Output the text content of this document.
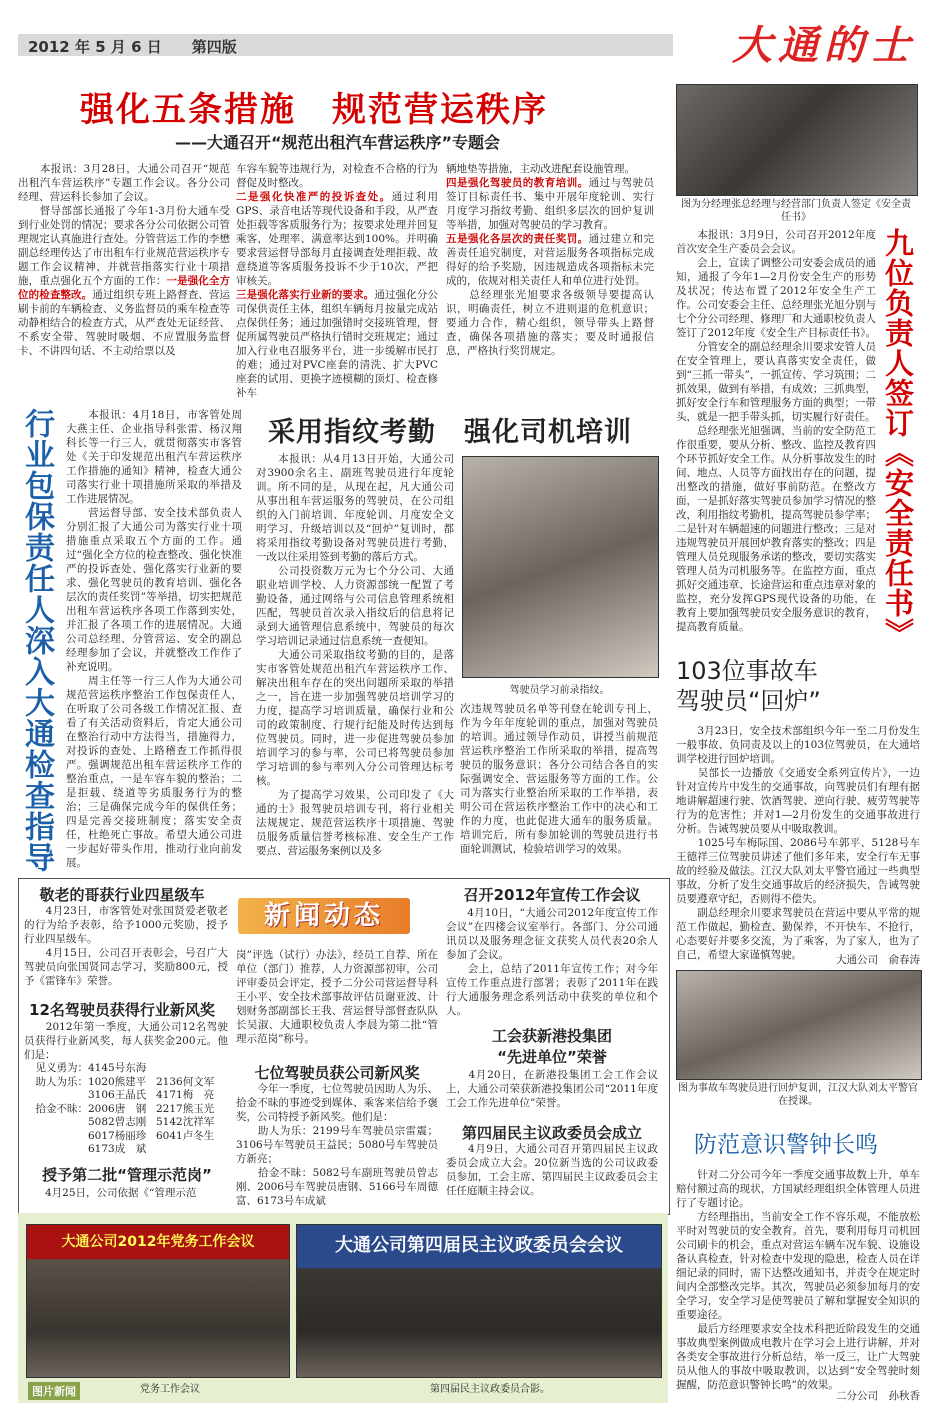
2012 年 5 月 6 日 第四版	大通的士
强化五条措施　规范营运秩序
——大通召开“规范出租汽车营运秩序”专题会

　　本报讯：3月28日，大通公司召开“规范出租汽车营运秩序”专题工作会议。各分公司经理、营运科长参加了会议。
　　督导部部长通报了今年1-3月份大通车受到行业处罚的情况；要求各分公司依据公司管理规定认真施进行查处。分管营运工作的李懋副总经理传达了市出租车行业规范营运秩序专题工作会议精神，并就营指落实行业十项措施，重点强化五个方面的工作：一是强化全方位的检查整改。通过组织专班上路督查、营运刷卡前的车辆检查、义务监督员的乘车检查等动静相结合的检查方式，从严查处无证经营、不系安全带、驾驶时吸烟、不应置服务监督卡、不讲四句话、不主动给票以及

车容车貌等违规行为，对检查不合格的行为督促及时整改。
二是强化快准严的投诉查处。通过利用GPS、录音电话等现代设备和手段，从严查处拒载等客质服务行为；按要求处理并回复乘客，处理率、满意率达到100%。并明确要求营运督导部每月直接调查处理拒载、故意绕道等客质服务投诉不少于10次，严把审核关。
三是强化落实行业新的要求。通过强化分公司保供责任主体，组织车辆每月按量完成站点保供任务；通过加强错时交接班管理，督促所属驾驶员严格执行错时交班规定；通过加入行业电召服务平台，进一步缓解市民打的难；通过对PVC座套的清洗、扩大PVC座套的试用、更换字迹模糊的顶灯、检查修补车

辆地垫等措施，主动改进配套设施管理。
四是强化驾驶员的教育培训。通过与驾驶员签订目标责任书、集中开展年度轮训、实行月度学习指纹考勤、组织多层次的回炉复训等举措，加强对驾驶员的学习教育。
五是强化各层次的责任奖罚。通过建立和完善责任追究制度，对营运服务各项指标完成得好的给予奖励，因违规造成各项指标未完成的，依规对相关责任人和单位进行处罚。
　　总经理张光旭要求各级领导要提高认识，明确责任，树立不进则退的危机意识；要通力合作，精心组织，领导带头上路督查，确保各项措施的落实；要及时通报信息，严格执行奖罚规定。

图为分经理张总经理与经营部门负责人签定《安全责任书》

　　本报讯：3月9日，公司召开2012年度首次安全生产委员会会议。
　　会上，宣读了调整公司安委会成员的通知，通报了今年1—2月份安全生产的形势及状况；传达布置了2012年安全生产工作。公司安委会主任、总经理张光旭分别与七个分公司经理、修理厂和大通职校负责人签订了2012年度《安全生产目标责任书》。
　　分管安全的副总经理余川要求安管人员在安全管理上，要认真落实安全责任，做到“三抓一带头”，一抓宣传、学习筑围；二抓效果，做到有举措，有成效；三抓典型，抓好安全行车和管理服务方面的典型；一带头，就是一把手带头抓，切实履行好责任。
　　总经理张光旭强调，当前的安全防范工作很重要，要从分析、整改、监控及教育四个环节抓好安全工作。从分析事故发生的时间、地点、人员等方面找出存在的问题，提出整改的措施，做好事前防范。在整改方面，一是抓好落实驾驶员参加学习情况的整改，利用指纹考勤机，提高驾驶员参学率；二是针对车辆超速的问题进行整改；三是对违规驾驶员开展回炉教育落实的整改；四是管理人员兑现服务承诺的整改，要切实落实管理人员为司机服务等。在监控方面，重点抓好交通违章、长途营运和重点违章对象的监控，充分发挥GPS现代设备的功能，在教育上要加强驾驶员安全服务意识的教育，提高教育质量。	九位负责人签订《安全责任书》
行业包保责任人深入大通检查指导	　　本报讯：4月18日，市客管处周大燕主任、企业指导科张雷、杨汉翔科长等一行三人，就贯彻落实市客管处《关于印发规范出租汽车营运秩序工作措施的通知》精神，检查大通公司落实行业十项措施所采取的举措及工作进展情况。
　　营运督导部、安全技术部负责人分别汇报了大通公司为落实行业十项措施重点采取五个方面的工作。通过“强化全方位的检查整改、强化快准严的投诉查处、强化落实行业新的要求、强化驾驶员的教育培训、强化各层次的责任奖罚”等举措，切实把规范出租车营运秩序各项工作落到实处，并汇报了各项工作的进展情况。大通公司总经理、分管营运、安全的副总经理参加了会议，并就整改工作作了补充说明。
　　周主任等一行三人作为大通公司规范营运秩序整治工作包保责任人，在听取了公司各级工作情况汇报、查看了有关活动资料后，肯定大通公司在整治行动中方法得当，措施得力，对投诉的查处、上路稽查工作抓得很严。强调规范出租车营运秩序工作的整治重点，一是车容车貌的整治；二是拒载、绕道等劣质服务行为的整治；三是确保完成今年的保供任务；四是完善交接班制度；落实安全责任，杜绝死亡事故。希望大通公司进一步起好带头作用，推动行业向前发展。

采用指纹考勤　强化司机培训

　　本报讯：从4月13日开始，大通公司对3900余名主、副班驾驶员进行年度轮训。所不同的是，从现在起，凡大通公司从事出租车营运服务的驾驶员，在公司组织的入门前培训、年度轮训、月度安全文明学习、升级培训以及“回炉”复训时，都将采用指纹考勤设备对驾驶员进行考勤，一改以往采用签到考勤的落后方式。
　　公司投资数万元为七个分公司、大通职业培训学校、人力资源部统一配置了考勤设备，通过网络与公司信息管理系统相匹配，驾驶员首次录入指纹后的信息将记录到大通管理信息系统中，驾驶员的每次学习培训记录通过信息系统一查便知。
　　大通公司采取指纹考勤的目的，是落实市客管处规范出租汽车营运秩序工作、解决出租车存在的突出问题所采取的举措之一，旨在进一步加强驾驶员培训学习的力度，提高学习培训质量，确保行业和公司的政策制度、行规行纪能及时传达到每位驾驶员。同时，进一步促进驾驶员参加培训学习的参与率，公司已将驾驶员参加学习培训的参与率列入分公司管理达标考核。
　　为了提高学习效果，公司印发了《大通的士》报驾驶员培训专刊，将行业相关法规规定、规范营运秩序十项措施、驾驶员服务质量信誉考核标准、安全生产工作要点、营运服务案例以及多

驾驶员学习前录指纹。

次违规驾驶员名单等刊登在轮训专刊上，作为今年年度轮训的重点，加强对驾驶员的培训。通过领导作动员，讲授当前规范营运秩序整治工作所采取的举措，提高驾驶员的服务意识；各分公司结合各自的实际强调安全、营运服务等方面的工作。公司为落实行业整治所采取的工作举措，表明公司在营运秩序整治工作中的决心和工作的力度，也此促进大通车的服务质量。培训完后，所有参加轮训的驾驶员进行书面轮训测试，检验培训学习的效果。

103位事故车
驾驶员“回炉”

　　3月23日，安全技术部组织今年一至二月份发生一般事故、负同责及以上的103位驾驶员，在大通培训学校进行回炉培训。
　　吴部长一边播放《交通安全系列宣传片》，一边针对宣传片中发生的交通事故，向驾驶员们有理有据地讲解超速行驶、饮酒驾驶、逆向行驶、疲劳驾驶等行为的危害性；并对1—2月份发生的交通事故进行分析。告诫驾驶员要从中吸取教训。
　　1025号车梅际国、2086号车郭平、5128号车王德祥三位驾驶员讲述了他们多年来，安全行车无事故的经验及做法。江汉大队刘太平警官通过一些典型事故，分析了发生交通事故后的经济损失，告诫驾驶员要遵章守纪，否则得不偿失。
　　副总经理余川要求驾驶员在营运中要从平常的规范工作做起，勤检查、勤保养，不开快车、不抢行，心态要好并要多交流，为了乘客，为了家人，也为了自己，希望大家谨慎驾驶。	大通公司　俞春涛
图为事故车驾驶员进行回炉复训，江汉大队刘太平警官在授课。
防范意识警钟长鸣

　　针对二分公司今年一季度交通事故数上升，单车赔付额过高的现状，方国斌经理组织全体管理人员进行了专题讨论。
　　方经理指出，当前安全工作不容乐观，不能放松平时对驾驶员的安全教育。首先，要利用每月司机回公司刷卡的机会，重点对营运车辆车况车貌、设施设备认真检查，针对检查中发现的隐患，检查人员在详细记录的同时，需下达整改通知书，并责令在规定时间内全部整改完毕。其次，驾驶员必须参加每月的安全学习，安全学习是使驾驶员了解和掌握安全知识的重要途径。
　　最后方经理要求安全技术科把近阶段发生的交通事故典型案例做成电教片在学习会上进行讲解，并对各类安全事故进行分析总结，举一反三，让广大驾驶员从他人的事故中吸取教训，以达到“安全驾驶时刻握醒，防范意识警钟长鸣”的效果。

二分公司　孙秋香
新闻动态
敬老的哥获行业四星级车

　　4月23日，市客管处对张国贤爱老敬老的行为给予表彰，给予1000元奖励，授予行业四星级车。
　　4月15日，公司召开表彰会，号召广大驾驶员向张国贤同志学习，奖励800元，授予《雷锋车》荣誉。

12名驾驶员获得行业新风奖

　　2012年第一季度，大通公司12名驾驶员获得行业新风奖，每人获奖金200元。他们是：

见义勇为： 4145号东海
助人为乐： 1020熊建平 2136何文军
3106王晶氏 4171梅　亮
拾金不昧： 2006唐　钢 2217熊玉光
5082曾志刚 5142沈祥军
6017杨丽珍 6041卢冬生
6173成　斌
授予第二批“管理示范岗”

　　4月25日，公司依据《“管理示范

岗”评选（试行）办法》，经员工自荐、所在单位（部门）推荐，人力资源部初审，公司评审委员会评定，授予二分公司营运督导科王小平、安全技术部事故评估员谢亚波、计划财务部副部长王我、营运督导部督查队队长吴淑、大通职校负责人李晨为第二批“管理示范岗”称号。

七位驾驶员获公司新风奖

　　今年一季度，七位驾驶员因助人为乐、拾金不昧的事迹受到媒体、乘客来信给予褒奖，公司特授予新风奖。他们是：
　　助人为乐：2199号车驾驶员宗雷震；3106号车驾驶员王益民；5080号车驾驶员方新亮；
　　拾金不昧：5082号车副班驾驶员曾志刚、2006号车驾驶员唐钢、5166号车周德富、6173号车成斌

召开2012年宣传工作会议

　　4月10日，“大通公司2012年度宣传工作会议”在四楼会议室举行。各部门、分公司通讯员以及服务理念征文获奖人员代表20余人参加了会议。
　　会上，总结了2011年宣传工作；对今年宣传工作重点进行部署；表彰了2011年在践行大通服务理念系列活动中获奖的单位和个人。

工会获新港投集团
“先进单位”荣誉

　　4月20日，在新港投集团工会工作会议上，大通公司荣获新港投集团公司“2011年度工会工作先进单位”荣誉。

第四届民主议政委员会成立

　　4月9日，大通公司召开第四届民主议政委员会成立大会。20位新当选的公司议政委员参加，工会主席、第四届民主议政委员会主任任庭顺主持会议。

大通公司2012年党务工作会议	大通公司第四届民主议政委员会会议
图片新闻	党务工作会议	第四届民主议政委员合影。
